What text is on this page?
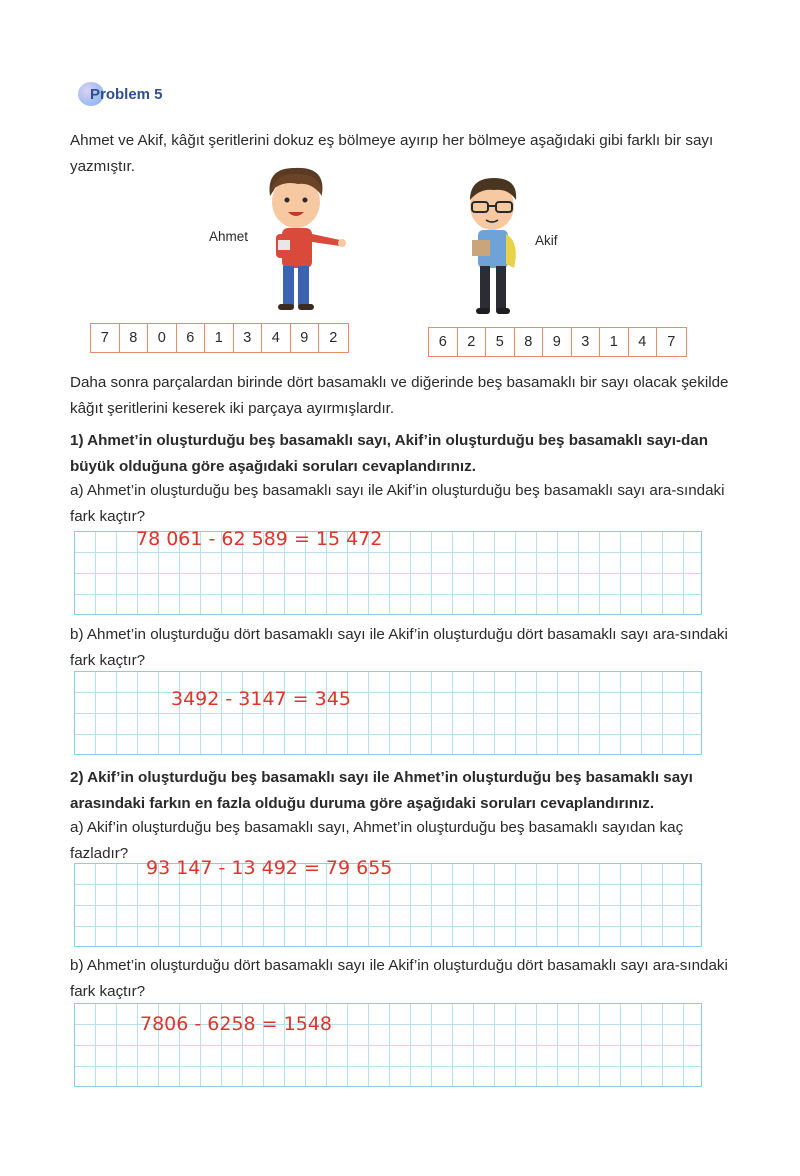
Problem 5
Ahmet ve Akif, kâğıt şeritlerini dokuz eş bölmeye ayırıp her bölmeye aşağıdaki gibi farklı bir sayı yazmıştır.
Ahmet	Akif
7	8	0	6	1	3	4	9	2	6	2	5	8	9	3	1	4	7
Daha sonra parçalardan birinde dört basamaklı ve diğerinde beş basamaklı bir sayı olacak şekilde kâğıt şeritlerini keserek iki parçaya ayırmışlardır.
1) Ahmet’in oluşturduğu beş basamaklı sayı, Akif’in oluşturduğu beş basamaklı sayı-dan büyük olduğuna göre aşağıdaki soruları cevaplandırınız.
a) Ahmet’in oluşturduğu beş basamaklı sayı ile Akif’in oluşturduğu beş basamaklı sayı ara-sındaki fark kaçtır?
78 061 - 62 589 = 15 472
b) Ahmet’in oluşturduğu dört basamaklı sayı ile Akif’in oluşturduğu dört basamaklı sayı ara-sındaki fark kaçtır?
3492 - 3147 = 345
2) Akif’in oluşturduğu beş basamaklı sayı ile Ahmet’in oluşturduğu beş basamaklı sayı arasındaki farkın en fazla olduğu duruma göre aşağıdaki soruları cevaplandırınız.
a) Akif’in oluşturduğu beş basamaklı sayı, Ahmet’in oluşturduğu beş basamaklı sayıdan kaç fazladır?
93 147 - 13 492 = 79 655
b) Ahmet’in oluşturduğu dört basamaklı sayı ile Akif’in oluşturduğu dört basamaklı sayı ara-sındaki fark kaçtır?
7806 - 6258 = 1548
